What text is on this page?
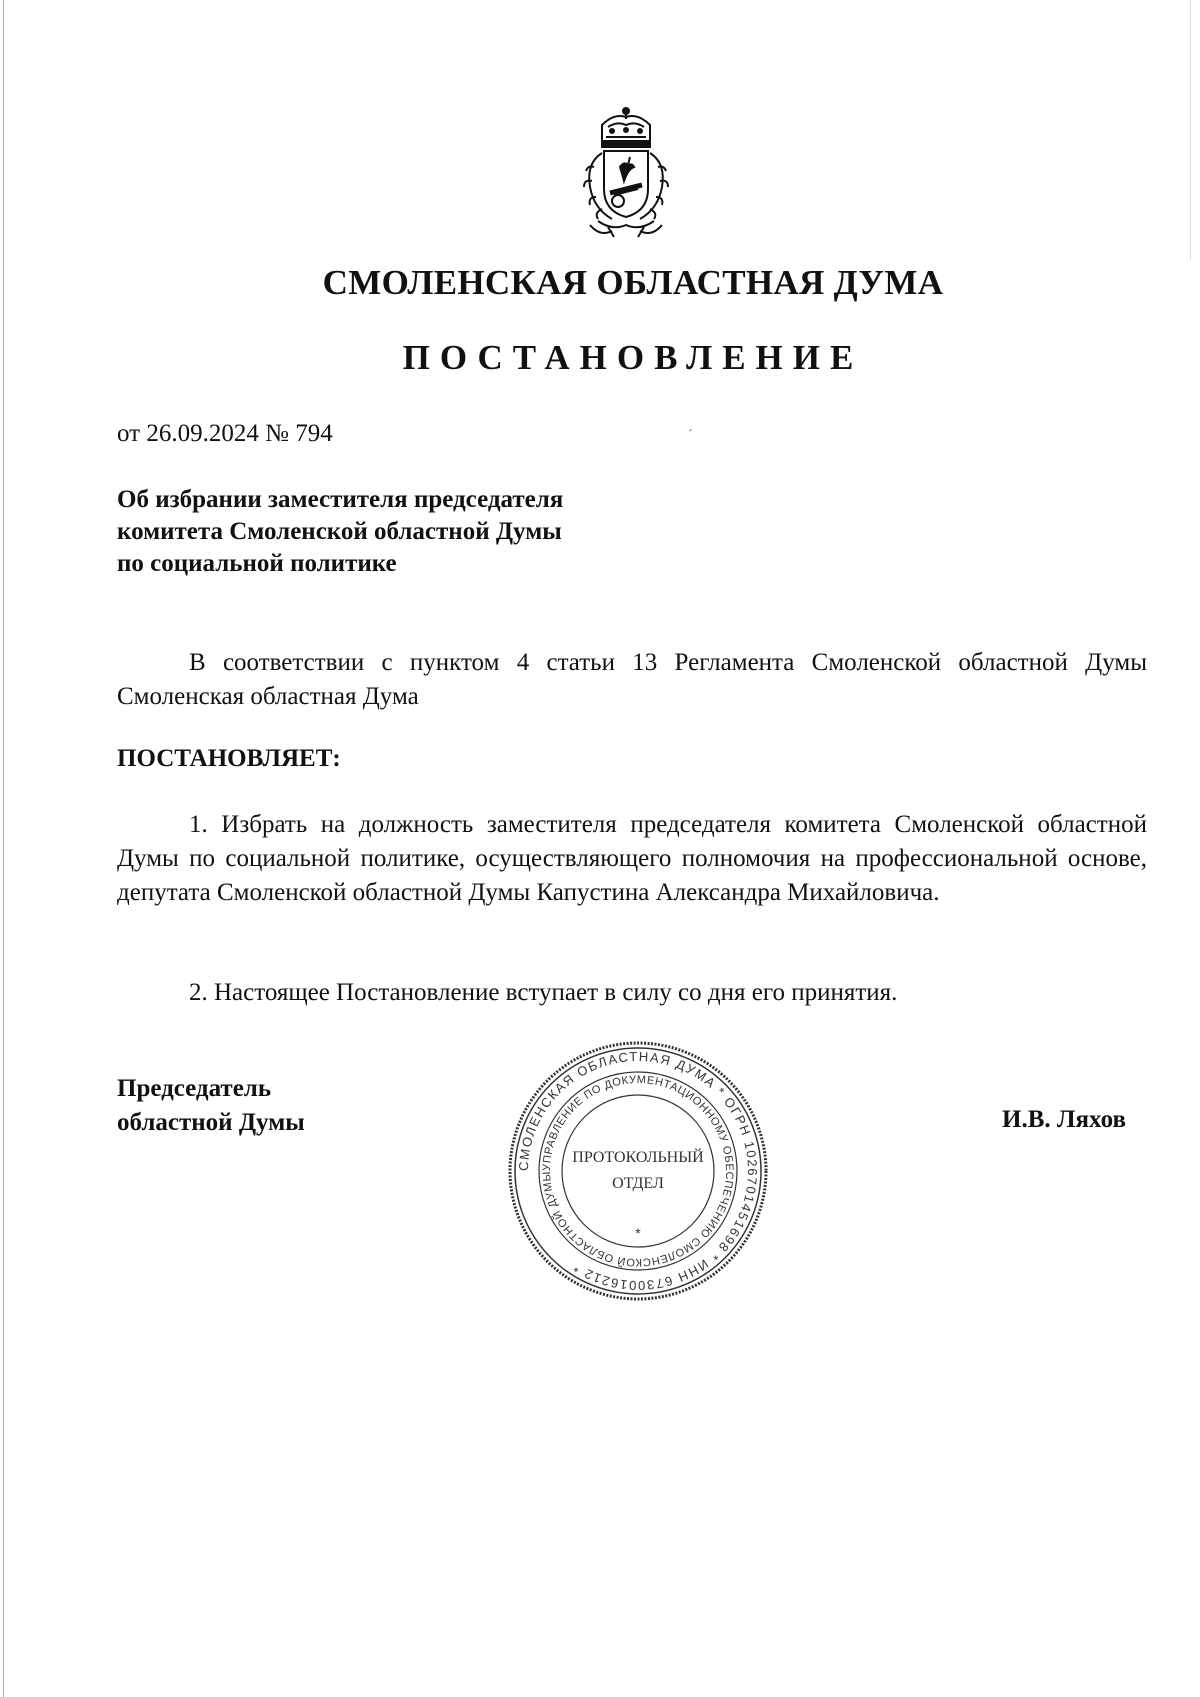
СМОЛЕНСКАЯ ОБЛАСТНАЯ ДУМА
ПОСТАНОВЛЕНИЕ
от 26.09.2024 № 794	´
Об избрании заместителя председателя
комитета Смоленской областной Думы
по социальной политике
В соответствии с пунктом 4 статьи 13 Регламента Смоленской областной Думы Смоленская областная Дума
ПОСТАНОВЛЯЕТ:
1. Избрать на должность заместителя председателя комитета Смоленской областной Думы по социальной политике, осуществляющего полномочия на профессиональной основе, депутата Смоленской областной Думы Капустина Александра Михайловича.
2. Настоящее Постановление вступает в силу со дня его принятия.
Председатель
областной Думы	И.В. Ляхов
СМОЛЕНСКАЯ ОБЛАСТНАЯ ДУМА * ОГРН 1026701451698 * ИНН 6730016212 *
УПРАВЛЕНИЕ ПО ДОКУМЕНТАЦИОННОМУ ОБЕСПЕЧЕНИЮ СМОЛЕНСКОЙ ОБЛАСТНОЙ ДУМЫ
ПРОТОКОЛЬНЫЙ
ОТДЕЛ
*
